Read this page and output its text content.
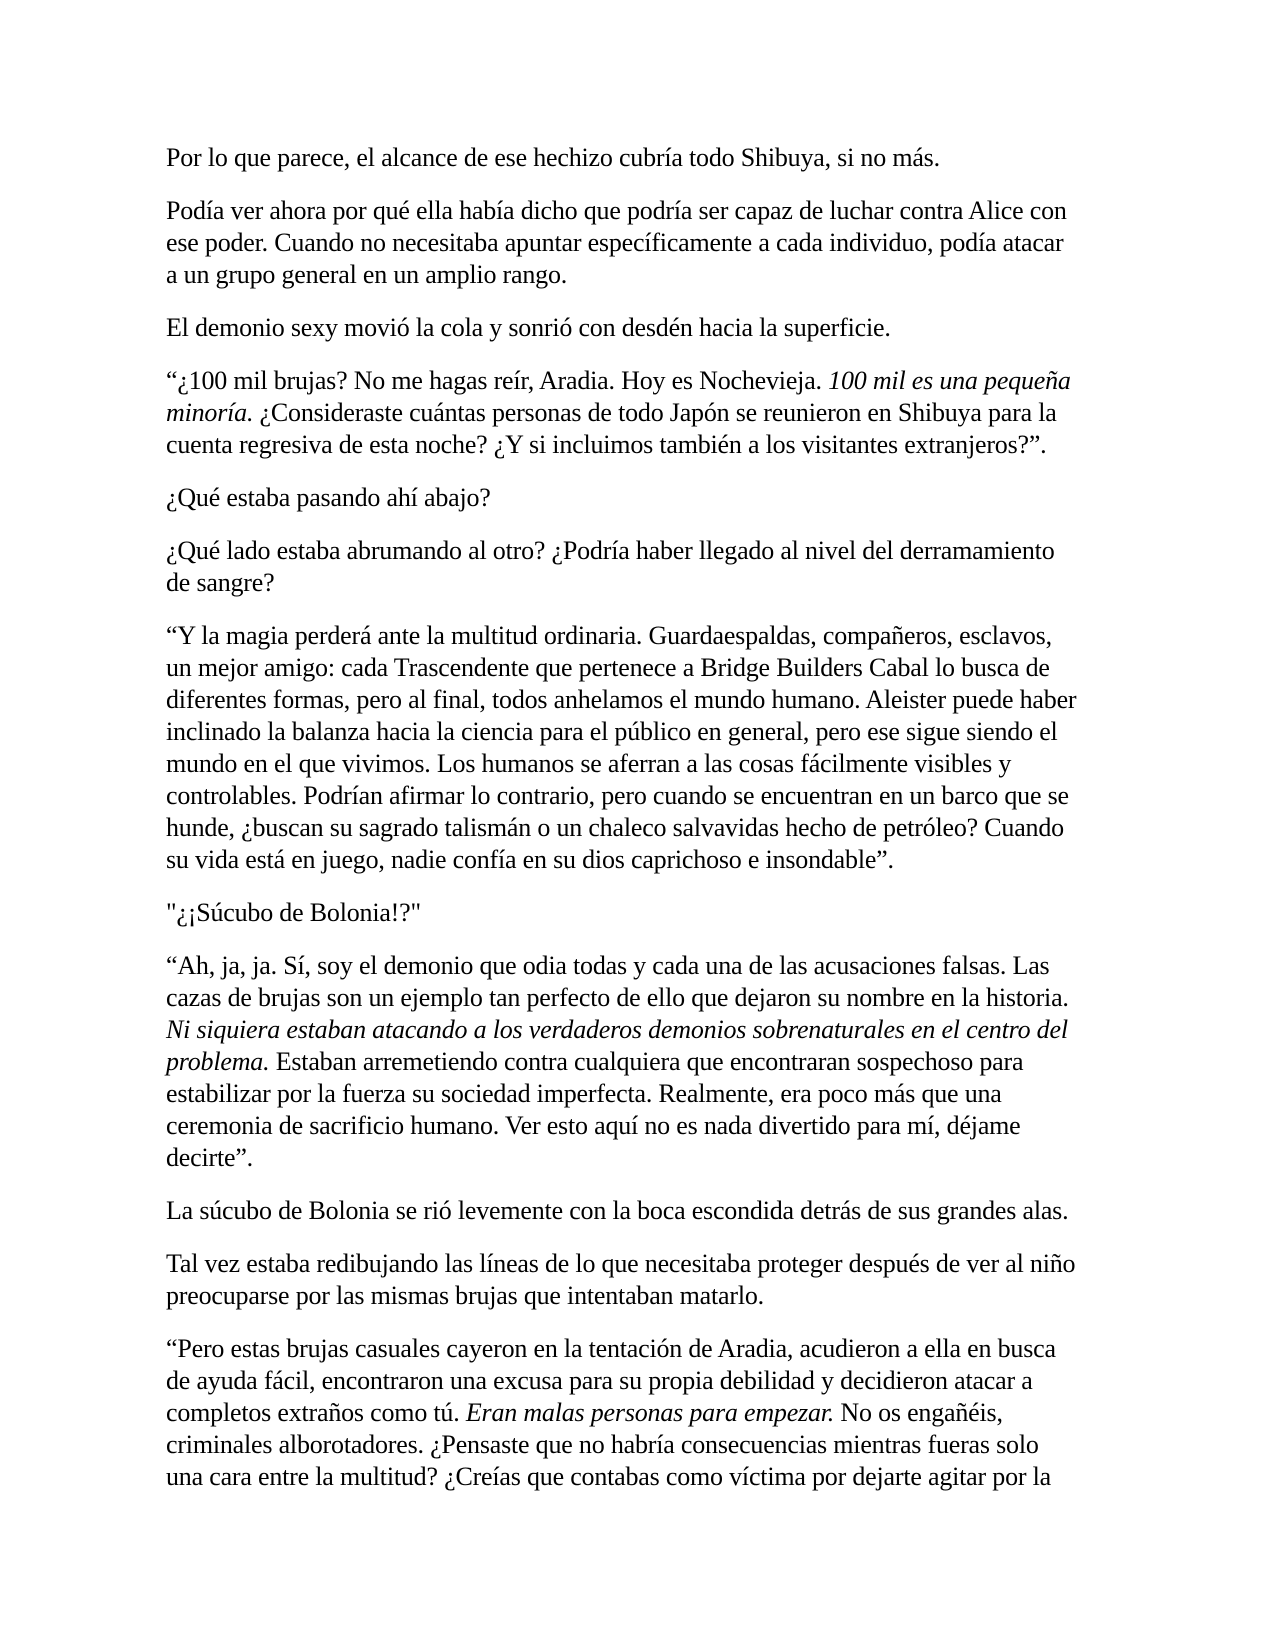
Por lo que parece, el alcance de ese hechizo cubría todo Shibuya, si no más.

Podía ver ahora por qué ella había dicho que podría ser capaz de luchar contra Alice con ese poder. Cuando no necesitaba apuntar específicamente a cada individuo, podía atacar a un grupo general en un amplio rango.

El demonio sexy movió la cola y sonrió con desdén hacia la superficie.

“¿100 mil brujas? No me hagas reír, Aradia. Hoy es Nochevieja. 100 mil es una pequeña minoría. ¿Consideraste cuántas personas de todo Japón se reunieron en Shibuya para la cuenta regresiva de esta noche? ¿Y si incluimos también a los visitantes extranjeros?”.

¿Qué estaba pasando ahí abajo?

¿Qué lado estaba abrumando al otro? ¿Podría haber llegado al nivel del derramamiento de sangre?

“Y la magia perderá ante la multitud ordinaria. Guardaespaldas, compañeros, esclavos, un mejor amigo: cada Trascendente que pertenece a Bridge Builders Cabal lo busca de diferentes formas, pero al final, todos anhelamos el mundo humano. Aleister puede haber inclinado la balanza hacia la ciencia para el público en general, pero ese sigue siendo el mundo en el que vivimos. Los humanos se aferran a las cosas fácilmente visibles y controlables. Podrían afirmar lo contrario, pero cuando se encuentran en un barco que se hunde, ¿buscan su sagrado talismán o un chaleco salvavidas hecho de petróleo? Cuando su vida está en juego, nadie confía en su dios caprichoso e insondable”.

"¿¡Súcubo de Bolonia!?"

“Ah, ja, ja. Sí, soy el demonio que odia todas y cada una de las acusaciones falsas. Las cazas de brujas son un ejemplo tan perfecto de ello que dejaron su nombre en la historia. Ni siquiera estaban atacando a los verdaderos demonios sobrenaturales en el centro del problema. Estaban arremetiendo contra cualquiera que encontraran sospechoso para estabilizar por la fuerza su sociedad imperfecta. Realmente, era poco más que una ceremonia de sacrificio humano. Ver esto aquí no es nada divertido para mí, déjame decirte”.

La súcubo de Bolonia se rió levemente con la boca escondida detrás de sus grandes alas.

Tal vez estaba redibujando las líneas de lo que necesitaba proteger después de ver al niño preocuparse por las mismas brujas que intentaban matarlo.

“Pero estas brujas casuales cayeron en la tentación de Aradia, acudieron a ella en busca de ayuda fácil, encontraron una excusa para su propia debilidad y decidieron atacar a completos extraños como tú. Eran malas personas para empezar. No os engañéis, criminales alborotadores. ¿Pensaste que no habría consecuencias mientras fueras solo una cara entre la multitud? ¿Creías que contabas como víctima por dejarte agitar por la
